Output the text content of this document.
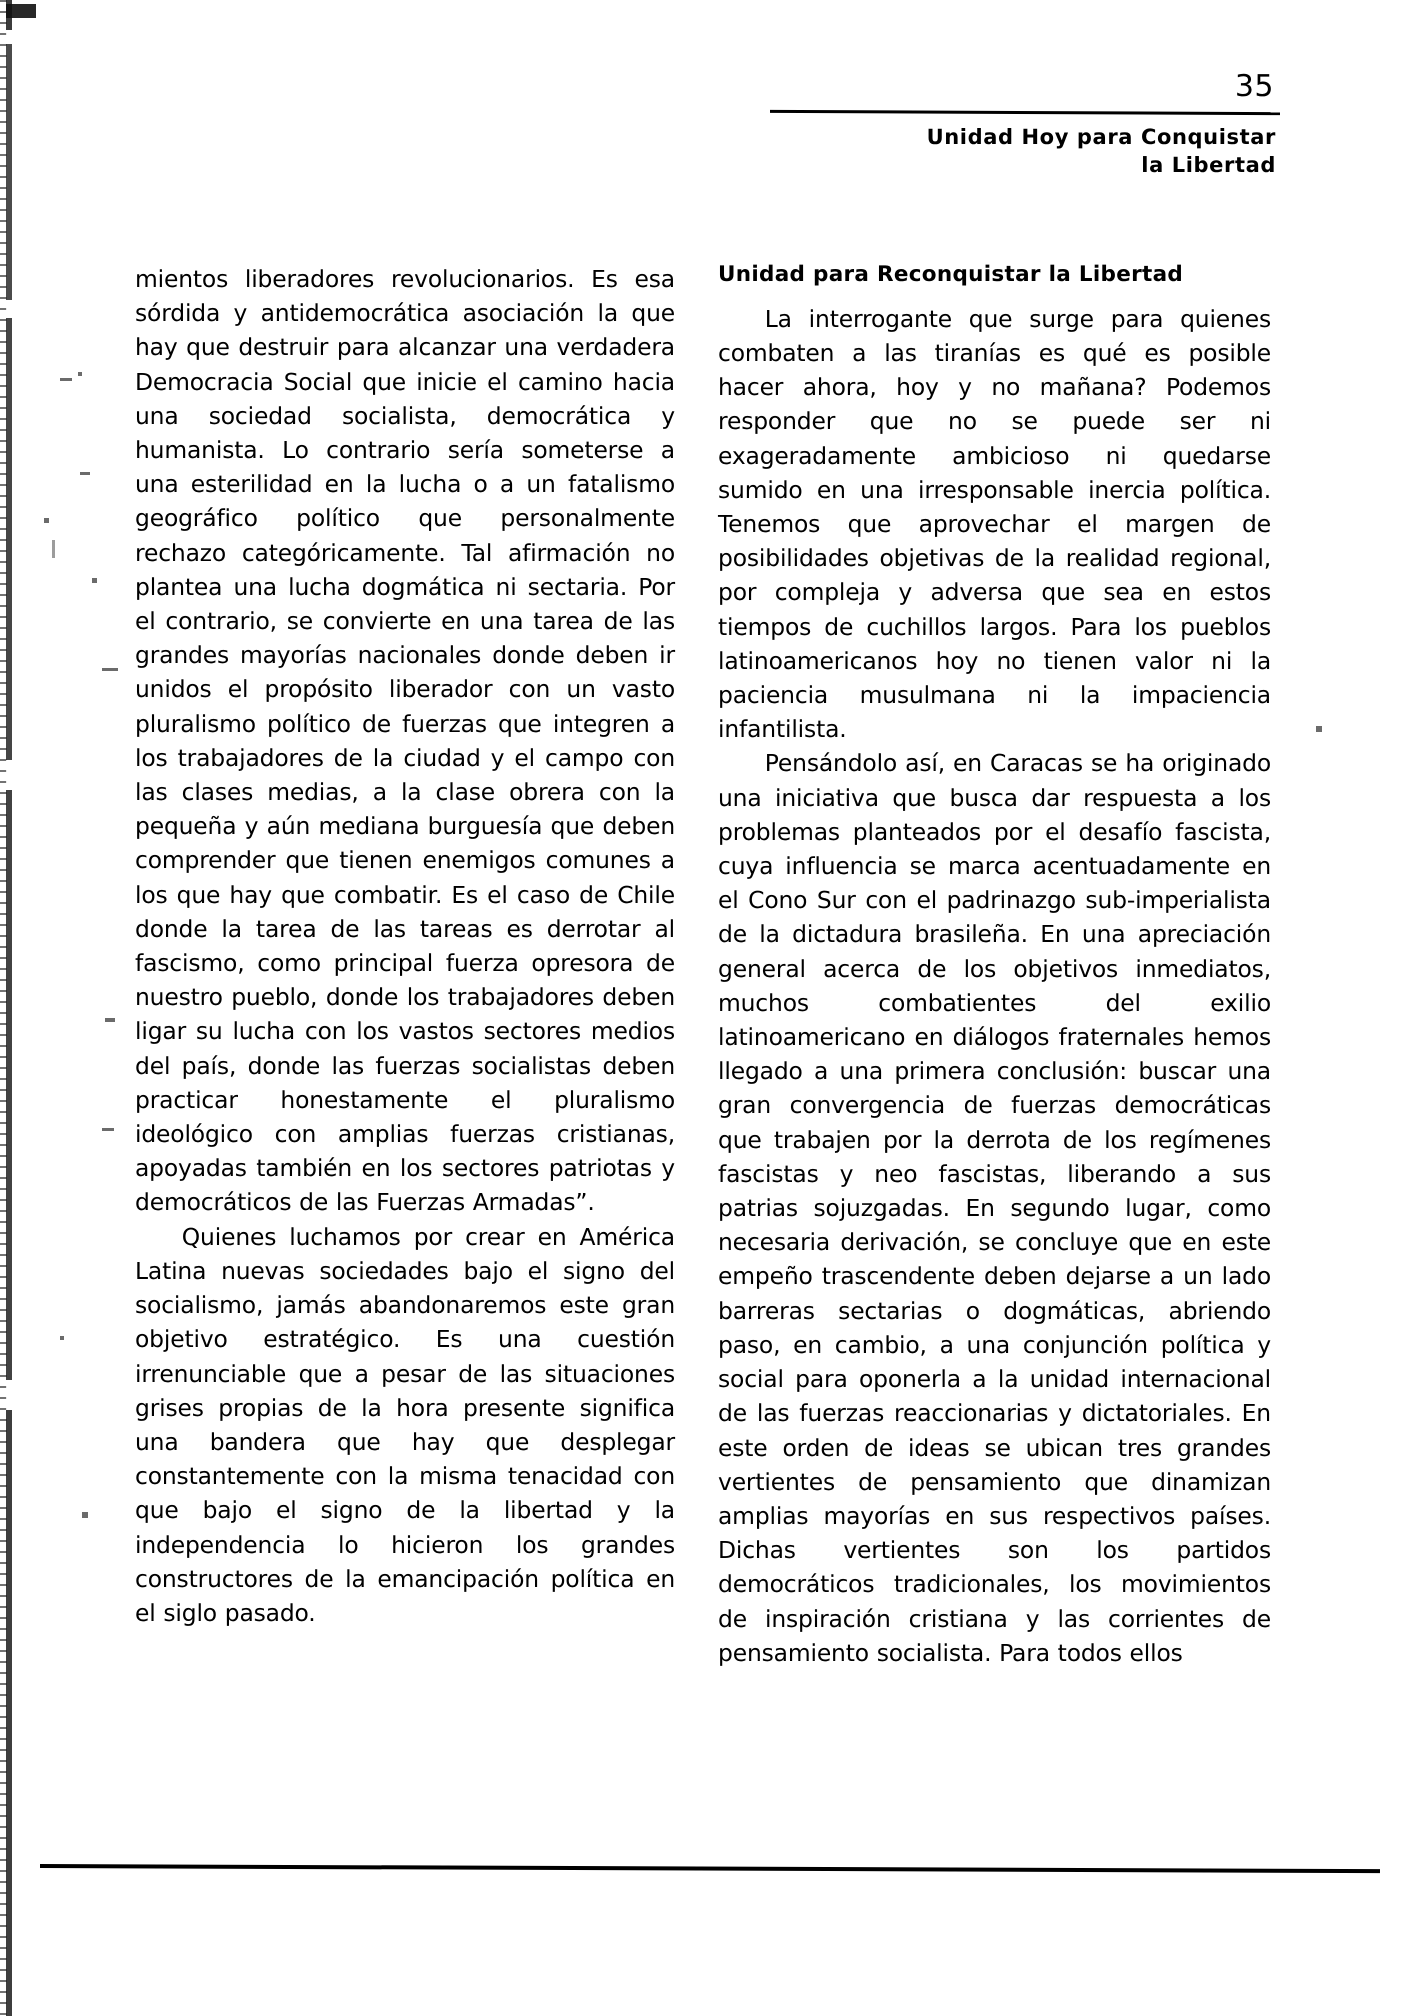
35
Unidad Hoy para Conquistar
la Libertad

mientos liberadores revolucionarios. Es esa sórdida y antidemocrática asociación la que hay que destruir para alcanzar una verdadera Democracia Social que inicie el camino hacia una sociedad socialista, democrática y humanista. Lo contrario sería someterse a una esterilidad en la lucha o a un fatalismo geográfico político que personalmente rechazo categóricamente. Tal afirmación no plantea una lucha dogmática ni sectaria. Por el contrario, se convierte en una tarea de las grandes mayorías nacionales donde deben ir unidos el propósito liberador con un vasto pluralismo político de fuerzas que integren a los trabajadores de la ciudad y el campo con las clases medias, a la clase obrera con la pequeña y aún mediana burguesía que deben comprender que tienen enemigos comunes a los que hay que combatir. Es el caso de Chile donde la tarea de las tareas es derrotar al fascismo, como principal fuerza opresora de nuestro pueblo, donde los trabajadores deben ligar su lucha con los vastos sectores medios del país, donde las fuerzas socialistas deben practicar honestamente el pluralismo ideológico con amplias fuerzas cristianas, apoyadas también en los sectores patriotas y democráticos de las Fuerzas Armadas”.

Quienes luchamos por crear en América Latina nuevas sociedades bajo el signo del socialismo, jamás abandonaremos este gran objetivo estratégico. Es una cuestión irrenunciable que a pesar de las situaciones grises propias de la hora presente significa una bandera que hay que desplegar constantemente con la misma tenacidad con que bajo el signo de la libertad y la independencia lo hicieron los grandes constructores de la emancipación política en el siglo pasado.

Unidad para Reconquistar la Libertad

La interrogante que surge para quienes combaten a las tiranías es qué es posible hacer ahora, hoy y no mañana? Podemos responder que no se puede ser ni exageradamente ambicioso ni quedarse sumido en una irresponsable inercia política. Tenemos que aprovechar el margen de posibilidades objetivas de la realidad regional, por compleja y adversa que sea en estos tiempos de cuchillos largos. Para los pueblos latinoamericanos hoy no tienen valor ni la paciencia musulmana ni la impaciencia infantilista.

Pensándolo así, en Caracas se ha originado una iniciativa que busca dar respuesta a los problemas planteados por el desafío fascista, cuya influencia se marca acentuadamente en el Cono Sur con el padrinazgo sub-imperialista de la dictadura brasileña. En una apreciación general acerca de los objetivos inmediatos, muchos combatientes del exilio latinoamericano en diálogos fraternales hemos llegado a una primera conclusión: buscar una gran convergencia de fuerzas democráticas que trabajen por la derrota de los regímenes fascistas y neo fascistas, liberando a sus patrias sojuzgadas. En segundo lugar, como necesaria derivación, se concluye que en este empeño trascendente deben dejarse a un lado barreras sectarias o dogmáticas, abriendo paso, en cambio, a una conjunción política y social para oponerla a la unidad internacional de las fuerzas reaccionarias y dictatoriales. En este orden de ideas se ubican tres grandes vertientes de pensamiento que dinamizan amplias mayorías en sus respectivos países. Dichas vertientes son los partidos democráticos tradicionales, los movimientos de inspiración cristiana y las corrientes de pensamiento socialista. Para todos ellos
